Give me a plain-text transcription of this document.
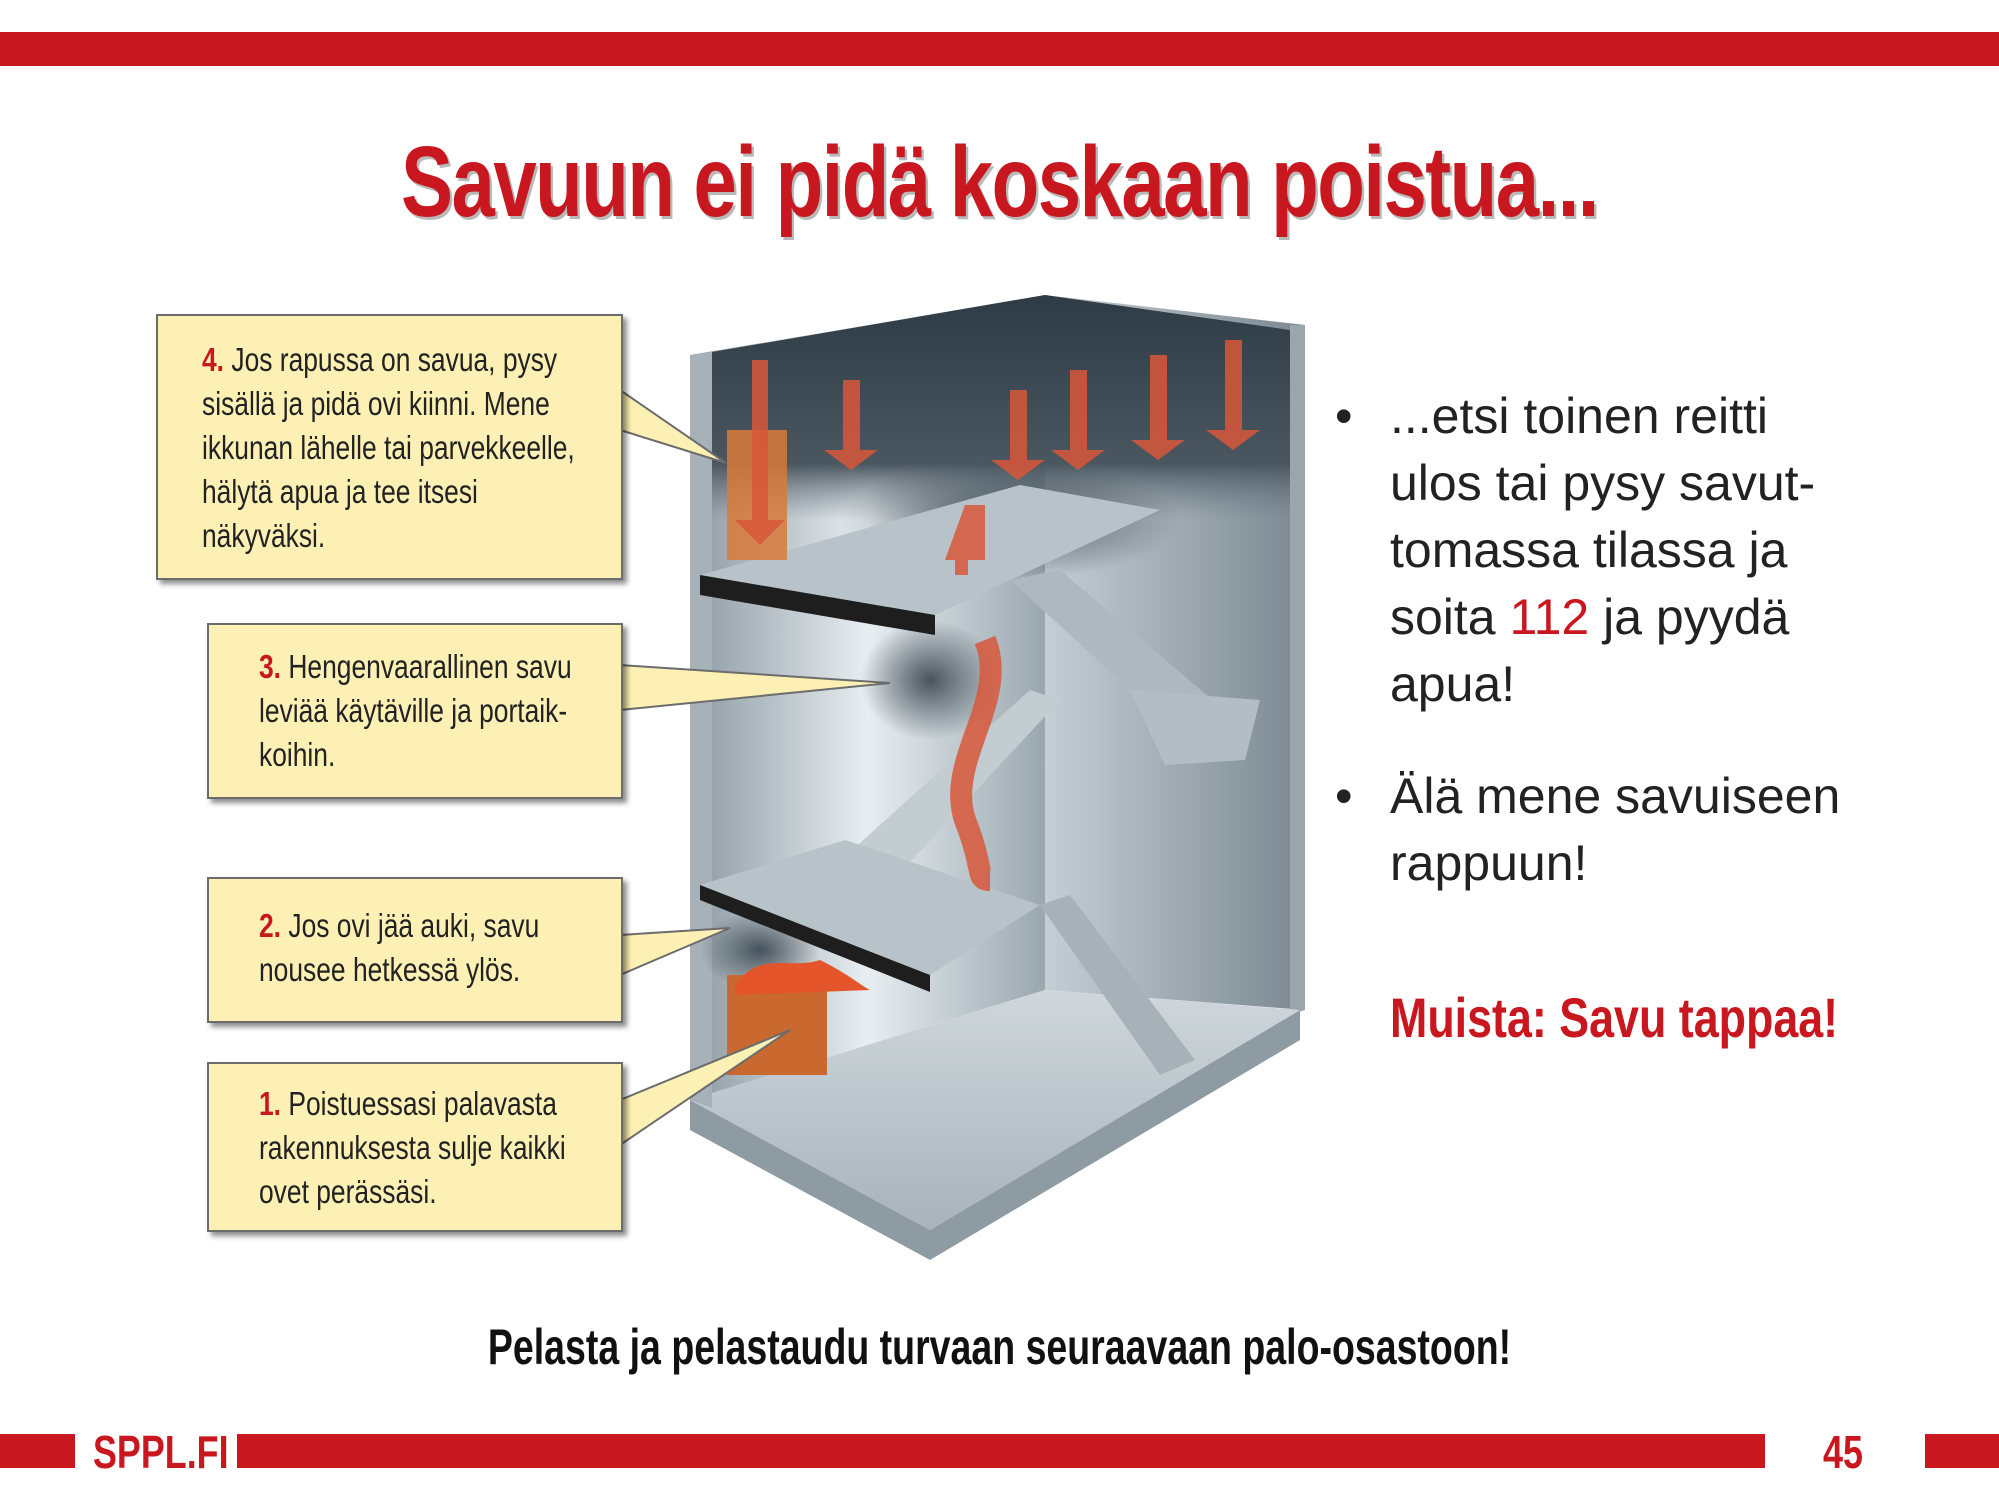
Savuun ei pidä koskaan poistua...
4. Jos rapussa on savua, pysy
sisällä ja pidä ovi kiinni. Mene
ikkunan lähelle tai parvekkeelle,
hälytä apua ja tee itsesi
näkyväksi.
3. Hengenvaarallinen savu
leviää käytäville ja portaik-
koihin.
2. Jos ovi jää auki, savu
nousee hetkessä ylös.
1. Poistuessasi palavasta
rakennuksesta sulje kaikki
ovet perässäsi.
• ...etsi toinen reitti
ulos tai pysy savut-
tomassa tilassa ja
soita 112 ja pyydä
apua!
• Älä mene savuiseen
rappuun!
Muista: Savu tappaa!
Pelasta ja pelastaudu turvaan seuraavaan palo-osastoon!
SPPL.FI	45
